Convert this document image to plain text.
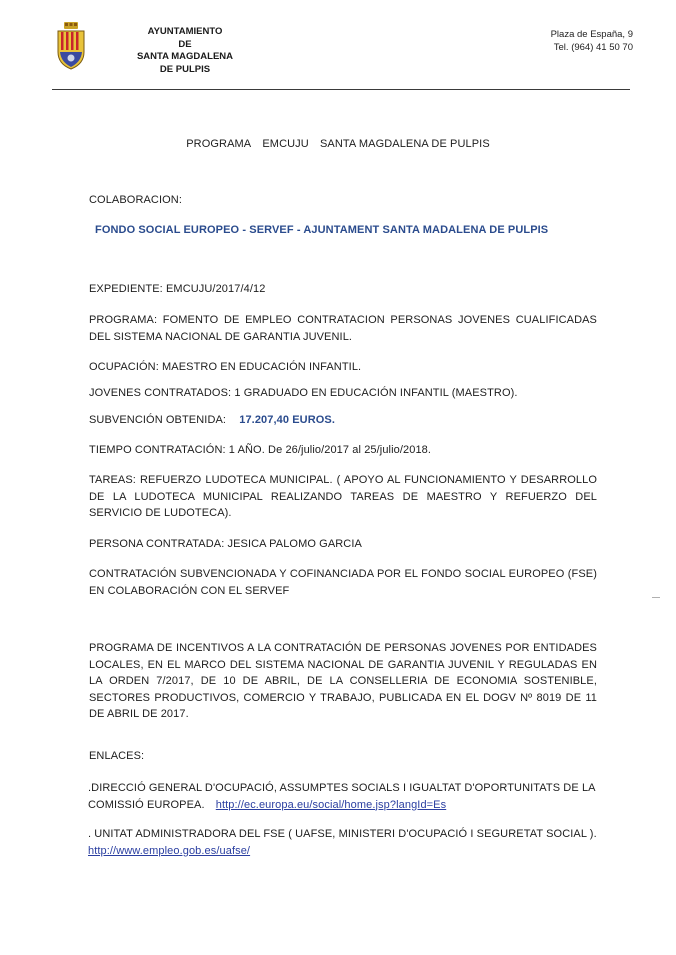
AYUNTAMIENTO
DE
SANTA MAGDALENA
DE PULPIS
Plaza de España, 9
Tel. (964) 41 50 70
PROGRAMA EMCUJU SANTA MAGDALENA DE PULPIS
COLABORACION:
FONDO SOCIAL EUROPEO - SERVEF - AJUNTAMENT SANTA MADALENA DE PULPIS
EXPEDIENTE: EMCUJU/2017/4/12
PROGRAMA: FOMENTO DE EMPLEO CONTRATACION PERSONAS JOVENES CUALIFICADAS DEL SISTEMA NACIONAL DE GARANTIA JUVENIL.
OCUPACIÓN: MAESTRO EN EDUCACIÓN INFANTIL.
JOVENES CONTRATADOS: 1 GRADUADO EN EDUCACIÓN INFANTIL (MAESTRO).
SUBVENCIÓN OBTENIDA: 17.207,40 EUROS.
TIEMPO CONTRATACIÓN: 1 AÑO. De 26/julio/2017 al 25/julio/2018.
TAREAS: REFUERZO LUDOTECA MUNICIPAL. ( APOYO AL FUNCIONAMIENTO Y DESARROLLO DE LA LUDOTECA MUNICIPAL REALIZANDO TAREAS DE MAESTRO Y REFUERZO DEL SERVICIO DE LUDOTECA).
PERSONA CONTRATADA: JESICA PALOMO GARCIA
CONTRATACIÓN SUBVENCIONADA Y COFINANCIADA POR EL FONDO SOCIAL EUROPEO (FSE) EN COLABORACIÓN CON EL SERVEF
PROGRAMA DE INCENTIVOS A LA CONTRATACIÓN DE PERSONAS JOVENES POR ENTIDADES LOCALES, EN EL MARCO DEL SISTEMA NACIONAL DE GARANTIA JUVENIL Y REGULADAS EN LA ORDEN 7/2017, DE 10 DE ABRIL, DE LA CONSELLERIA DE ECONOMIA SOSTENIBLE, SECTORES PRODUCTIVOS, COMERCIO Y TRABAJO, PUBLICADA EN EL DOGV Nº 8019 DE 11 DE ABRIL DE 2017.
ENLACES:
.DIRECCIÓ GENERAL D'OCUPACIÓ, ASSUMPTES SOCIALS I IGUALTAT D'OPORTUNITATS DE LA
COMISSIÓ EUROPEA. http://ec.europa.eu/social/home.jsp?langId=Es
. UNITAT ADMINISTRADORA DEL FSE ( UAFSE, MINISTERI D'OCUPACIÓ I SEGURETAT SOCIAL ).
http://www.empleo.gob.es/uafse/
